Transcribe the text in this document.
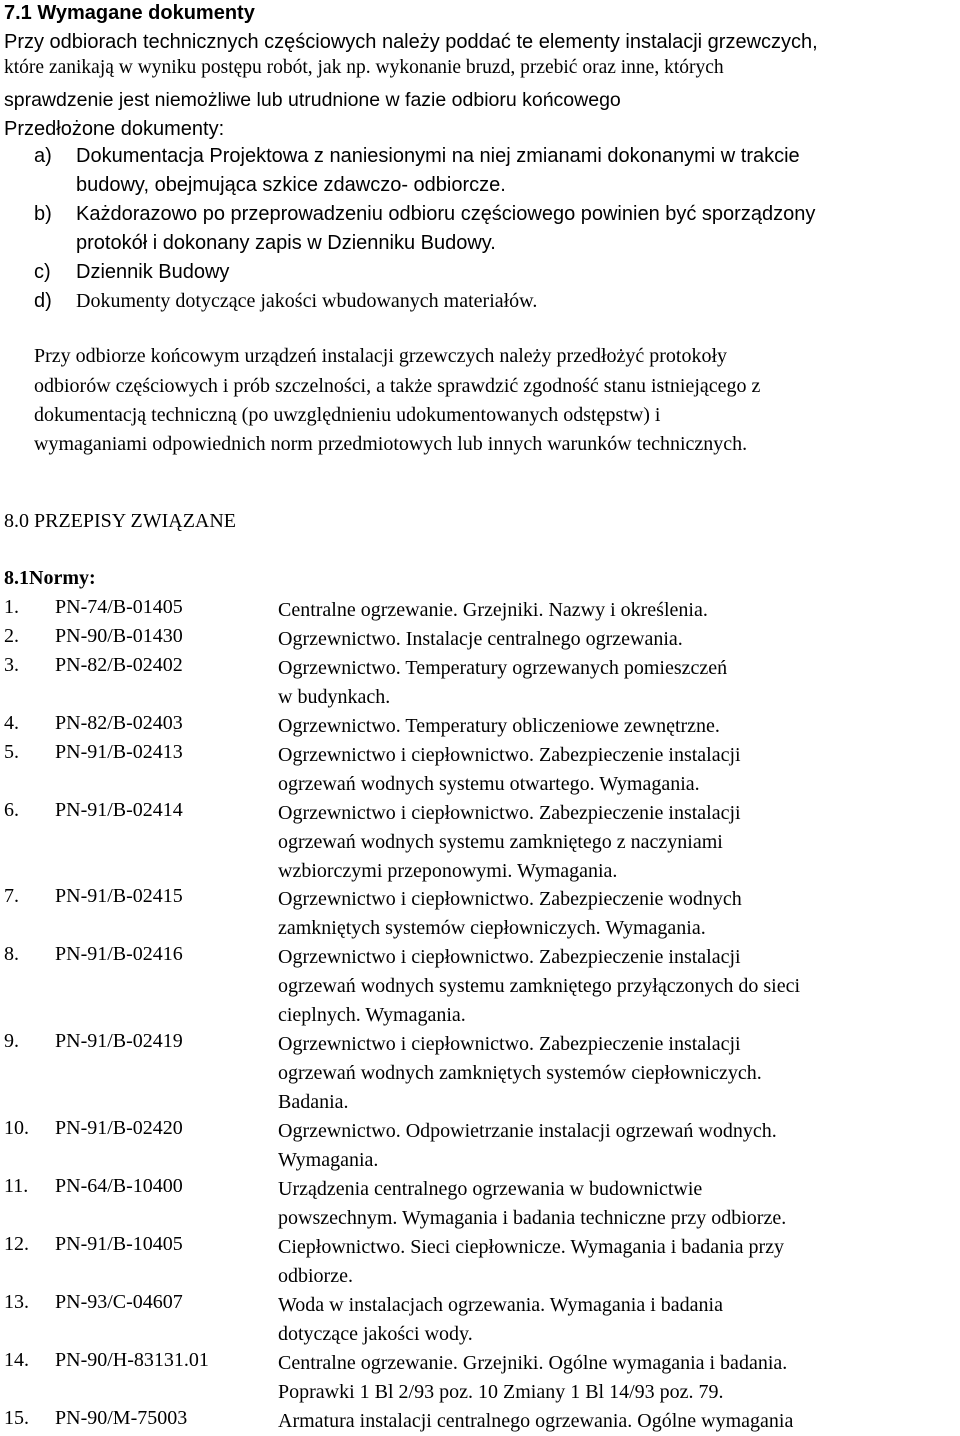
7.1 Wymagane dokumenty
Przy odbiorach technicznych częściowych należy poddać te elementy instalacji grzewczych,
które zanikają w wyniku postępu robót, jak np. wykonanie bruzd, przebić oraz inne, których
sprawdzenie jest niemożliwe lub utrudnione w fazie odbioru końcowego
Przedłożone dokumenty:
a) Dokumentacja Projektowa z naniesionymi na niej zmianami dokonanymi w trakcie
budowy, obejmująca szkice zdawczo- odbiorcze.
b) Każdorazowo po przeprowadzeniu odbioru częściowego powinien być sporządzony
protokół i dokonany zapis w Dzienniku Budowy.
c) Dziennik Budowy
d) Dokumenty dotyczące jakości wbudowanych materiałów.
Przy odbiorze końcowym urządzeń instalacji grzewczych należy przedłożyć protokoły
odbiorów częściowych i prób szczelności, a także sprawdzić zgodność stanu istniejącego z
dokumentacją techniczną (po uwzględnieniu udokumentowanych odstępstw) i
wymaganiami odpowiednich norm przedmiotowych lub innych warunków technicznych.
8.0 PRZEPISY ZWIĄZANE
8.1Normy:
1. PN-74/B-01405	Centralne ogrzewanie. Grzejniki. Nazwy i określenia.
2. PN-90/B-01430	Ogrzewnictwo. Instalacje centralnego ogrzewania.
3. PN-82/B-02402	Ogrzewnictwo. Temperatury ogrzewanych pomieszczeń
w budynkach.
4. PN-82/B-02403	Ogrzewnictwo. Temperatury obliczeniowe zewnętrzne.
5. PN-91/B-02413	Ogrzewnictwo i ciepłownictwo. Zabezpieczenie instalacji
ogrzewań wodnych systemu otwartego. Wymagania.
6. PN-91/B-02414	Ogrzewnictwo i ciepłownictwo. Zabezpieczenie instalacji
ogrzewań wodnych systemu zamkniętego z naczyniami
wzbiorczymi przeponowymi. Wymagania.
7. PN-91/B-02415	Ogrzewnictwo i ciepłownictwo. Zabezpieczenie wodnych
zamkniętych systemów ciepłowniczych. Wymagania.
8. PN-91/B-02416	Ogrzewnictwo i ciepłownictwo. Zabezpieczenie instalacji
ogrzewań wodnych systemu zamkniętego przyłączonych do sieci
cieplnych. Wymagania.
9. PN-91/B-02419	Ogrzewnictwo i ciepłownictwo. Zabezpieczenie instalacji
ogrzewań wodnych zamkniętych systemów ciepłowniczych.
Badania.
10. PN-91/B-02420	Ogrzewnictwo. Odpowietrzanie instalacji ogrzewań wodnych.
Wymagania.
11. PN-64/B-10400	Urządzenia centralnego ogrzewania w budownictwie
powszechnym. Wymagania i badania techniczne przy odbiorze.
12. PN-91/B-10405	Ciepłownictwo. Sieci ciepłownicze. Wymagania i badania przy
odbiorze.
13. PN-93/C-04607	Woda w instalacjach ogrzewania. Wymagania i badania
dotyczące jakości wody.
14. PN-90/H-83131.01	Centralne ogrzewanie. Grzejniki. Ogólne wymagania i badania.
Poprawki 1 Bl 2/93 poz. 10 Zmiany 1 Bl 14/93 poz. 79.
15. PN-90/M-75003	Armatura instalacji centralnego ogrzewania. Ogólne wymagania
